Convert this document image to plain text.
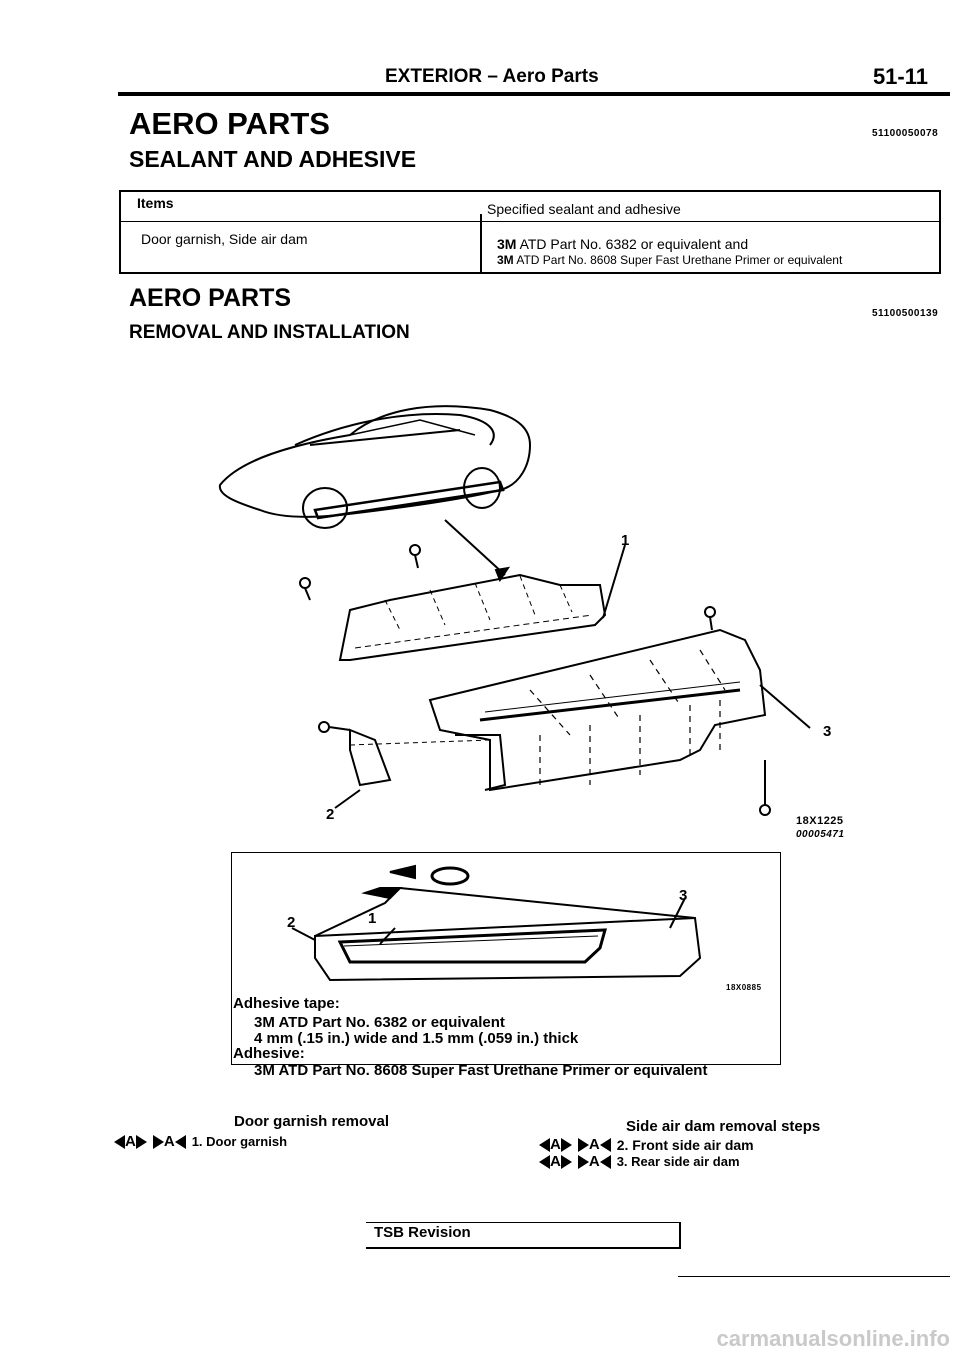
EXTERIOR – Aero Parts	51-11
AERO PARTS	51100050078
SEALANT AND ADHESIVE
Items	Specified sealant and adhesive
Door garnish, Side air dam	3M ATD Part No. 6382 or equivalent and
3M ATD Part No. 8608 Super Fast Urethane Primer or equivalent
AERO PARTS
51100500139
REMOVAL AND INSTALLATION
1
2
3
18X1225
00005471
2	1
3
18X0885
Adhesive tape:
3M ATD Part No. 6382 or equivalent
4 mm (.15 in.) wide and 1.5 mm (.059 in.) thick
Adhesive:
3M ATD Part No. 8608 Super Fast Urethane Primer or equivalent
Door garnish removal
A A 1. Door garnish
Side air dam removal steps
A A 2. Front side air dam
A A 3. Rear side air dam
TSB Revision
carmanualsonline.info
